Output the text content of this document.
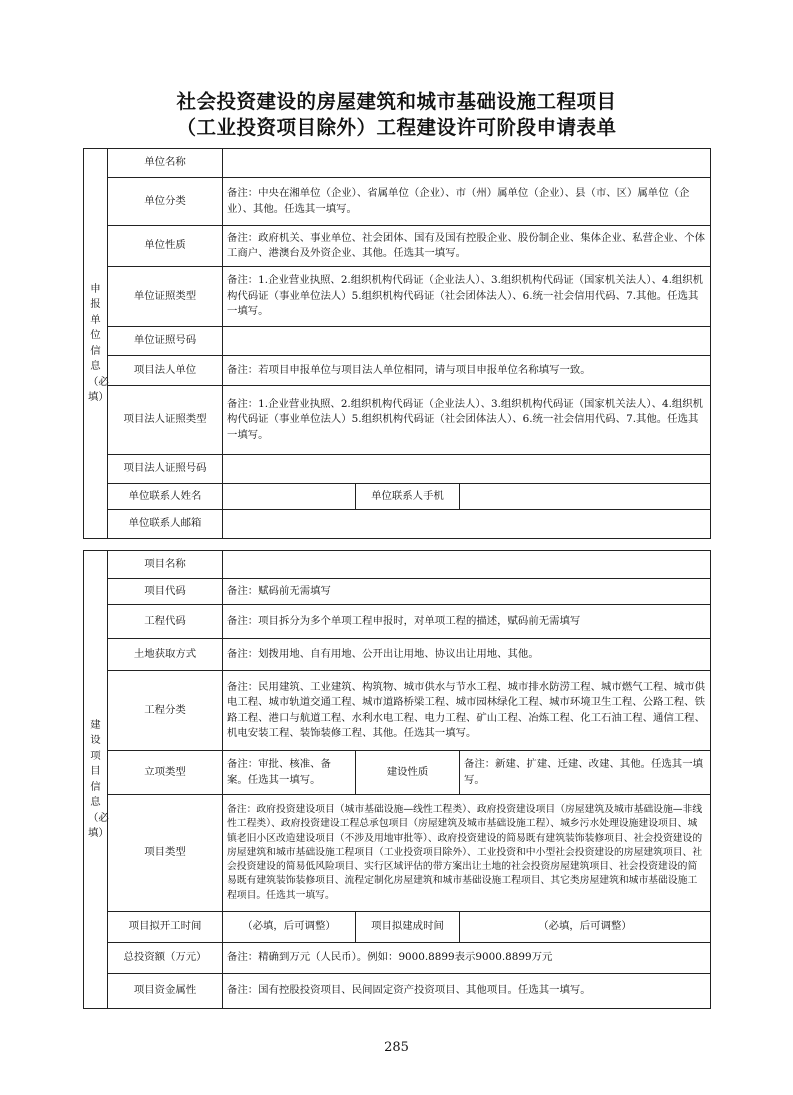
社会投资建设的房屋建筑和城市基础设施工程项目
（工业投资项目除外）工程建设许可阶段申请表单
申报单位信息（必填）	单位名称			
	单位分类	备注：中央在湘单位（企业）、省属单位（企业）、市（州）属单位（企业）、县（市、区）属单位（企业）、其他。任选其一填写。		
	单位性质	备注：政府机关、事业单位、社会团体、国有及国有控股企业、股份制企业、集体企业、私营企业、个体工商户、港澳台及外资企业、其他。任选其一填写。		
	单位证照类型	备注：1.企业营业执照、2.组织机构代码证（企业法人）、3.组织机构代码证（国家机关法人）、4.组织机构代码证（事业单位法人）5.组织机构代码证（社会团体法人）、6.统一社会信用代码、7.其他。任选其一填写。		
	单位证照号码			
	项目法人单位	备注：若项目申报单位与项目法人单位相同，请与项目申报单位名称填写一致。		
	项目法人证照类型	备注：1.企业营业执照、2.组织机构代码证（企业法人）、3.组织机构代码证（国家机关法人）、4.组织机构代码证（事业单位法人）5.组织机构代码证（社会团体法人）、6.统一社会信用代码、7.其他。任选其一填写。		
	项目法人证照号码			
	单位联系人姓名		单位联系人手机	
	单位联系人邮箱			
建设项目信息（必填）	项目名称			
	项目代码	备注：赋码前无需填写		
	工程代码	备注：项目拆分为多个单项工程申报时，对单项工程的描述，赋码前无需填写		
	土地获取方式	备注：划拨用地、自有用地、公开出让用地、协议出让用地、其他。		
	工程分类	备注：民用建筑、工业建筑、构筑物、城市供水与节水工程、城市排水防涝工程、城市燃气工程、城市供电工程、城市轨道交通工程、城市道路桥梁工程、城市园林绿化工程、城市环境卫生工程、公路工程、铁路工程、港口与航道工程、水利水电工程、电力工程、矿山工程、冶炼工程、化工石油工程、通信工程、机电安装工程、装饰装修工程、其他。任选其一填写。		
	立项类型	备注：审批、核准、备案。任选其一填写。	建设性质	备注：新建、扩建、迁建、改建、其他。任选其一填写。
	项目类型	备注：政府投资建设项目（城市基础设施—线性工程类）、政府投资建设项目（房屋建筑及城市基础设施—非线性工程类）、政府投资建设工程总承包项目（房屋建筑及城市基础设施工程）、城乡污水处理设施建设项目、城镇老旧小区改造建设项目（不涉及用地审批等）、政府投资建设的简易既有建筑装饰装修项目、社会投资建设的房屋建筑和城市基础设施工程项目（工业投资项目除外）、工业投资和中小型社会投资建设的房屋建筑项目、社会投资建设的简易低风险项目、实行区域评估的带方案出让土地的社会投资房屋建筑项目、社会投资建设的简易既有建筑装饰装修项目、流程定制化房屋建筑和城市基础设施工程项目、其它类房屋建筑和城市基础设施工程项目。任选其一填写。		
	项目拟开工时间	（必填，后可调整）	项目拟建成时间	（必填，后可调整）
	总投资额（万元）	备注：精确到万元（人民币）。例如：9000.8899表示9000.8899万元		
	项目资金属性	备注：国有控股投资项目、民间固定资产投资项目、其他项目。任选其一填写。		
285
